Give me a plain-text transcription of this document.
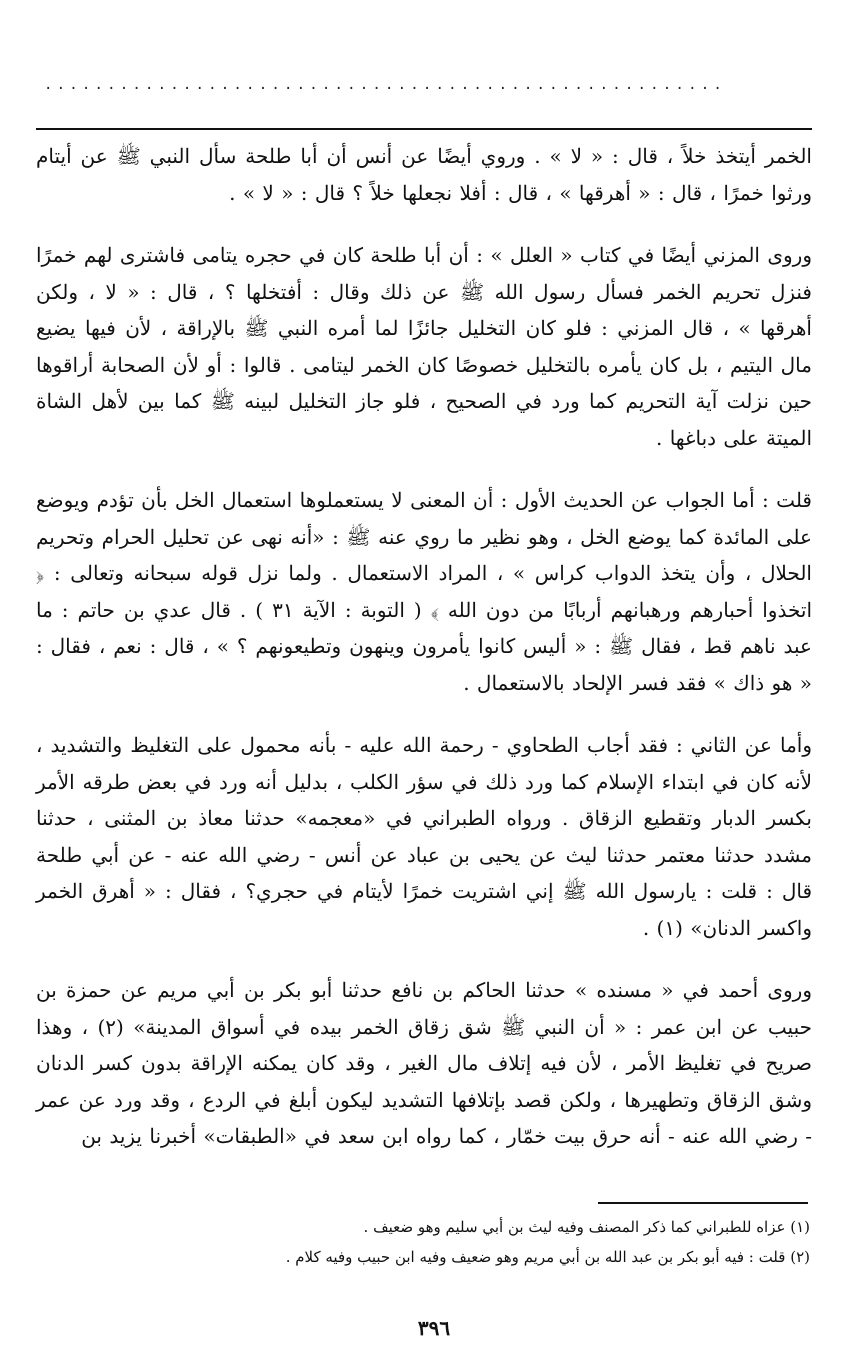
......................................................

الخمر أيتخذ خلاً ، قال : « لا » . وروي أيضًا عن أنس أن أبا طلحة سأل النبي ﷺ عن أيتام ورثوا خمرًا ، قال : « أهرقها » ، قال : أفلا نجعلها خلاً ؟ قال : « لا » .

وروى المزني أيضًا في كتاب « العلل » : أن أبا طلحة كان في حجره يتامى فاشترى لهم خمرًا فنزل تحريم الخمر فسأل رسول الله ﷺ عن ذلك وقال : أفتخلها ؟ ، قال : « لا ، ولكن أهرقها » ، قال المزني : فلو كان التخليل جائزًا لما أمره النبي ﷺ بالإراقة ، لأن فيها يضيع مال اليتيم ، بل كان يأمره بالتخليل خصوصًا كان الخمر ليتامى . قالوا : أو لأن الصحابة أراقوها حين نزلت آية التحريم كما ورد في الصحيح ، فلو جاز التخليل لبينه ﷺ كما بين لأهل الشاة الميتة على دباغها .

قلت : أما الجواب عن الحديث الأول : أن المعنى لا يستعملوها استعمال الخل بأن تؤدم ويوضع على المائدة كما يوضع الخل ، وهو نظير ما روي عنه ﷺ : «أنه نهى عن تحليل الحرام وتحريم الحلال ، وأن يتخذ الدواب كراس » ، المراد الاستعمال . ولما نزل قوله سبحانه وتعالى : ﴿ اتخذوا أحبارهم ورهبانهم أربابًا من دون الله ﴾ ( التوبة : الآية ٣١ ) . قال عدي بن حاتم : ما عبد ناهم قط ، فقال ﷺ : « أليس كانوا يأمرون وينهون وتطيعونهم ؟ » ، قال : نعم ، فقال : « هو ذاك » فقد فسر الإلحاد بالاستعمال .

وأما عن الثاني : فقد أجاب الطحاوي - رحمة الله عليه - بأنه محمول على التغليظ والتشديد ، لأنه كان في ابتداء الإسلام كما ورد ذلك في سؤر الكلب ، بدليل أنه ورد في بعض طرقه الأمر بكسر الدبار وتقطيع الزقاق . ورواه الطبراني في «معجمه» حدثنا معاذ بن المثنى ، حدثنا مشدد حدثنا معتمر حدثنا ليث عن يحيى بن عباد عن أنس - رضي الله عنه - عن أبي طلحة قال : قلت : يارسول الله ﷺ إني اشتريت خمرًا لأيتام في حجري؟ ، فقال : « أهرق الخمر واكسر الدنان» (١) .

وروى أحمد في « مسنده » حدثنا الحاكم بن نافع حدثنا أبو بكر بن أبي مريم عن حمزة بن حبيب عن ابن عمر : « أن النبي ﷺ شق زقاق الخمر بيده في أسواق المدينة» (٢) ، وهذا صريح في تغليظ الأمر ، لأن فيه إتلاف مال الغير ، وقد كان يمكنه الإراقة بدون كسر الدنان وشق الزقاق وتطهيرها ، ولكن قصد بإتلافها التشديد ليكون أبلغ في الردع ، وقد ورد عن عمر - رضي الله عنه - أنه حرق بيت خمّار ، كما رواه ابن سعد في «الطبقات» أخبرنا يزيد بن

(١) عزاه للطبراني كما ذكر المصنف وفيه ليث بن أبي سليم وهو ضعيف .

(٢) قلت : فيه أبو بكر بن عبد الله بن أبي مريم وهو ضعيف وفيه ابن حبيب وفيه كلام .

٣٩٦
